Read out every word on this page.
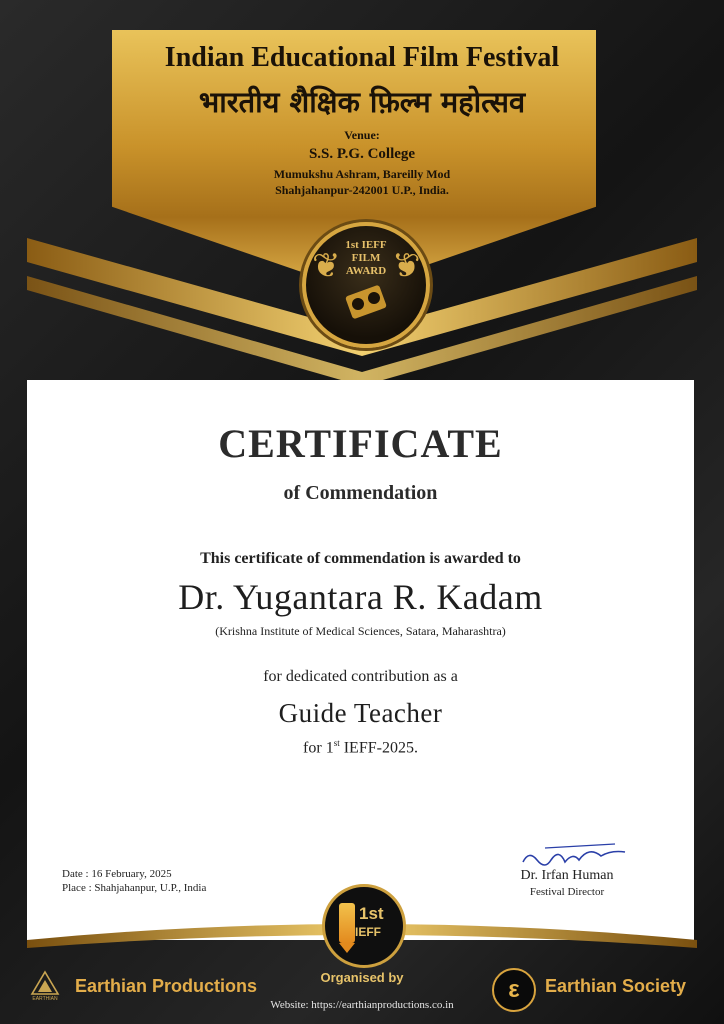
Indian Educational Film Festival
भारतीय शैक्षिक फ़िल्म महोत्सव
Venue:
S.S. P.G. College
Mumukshu Ashram, Bareilly Mod
Shahjahanpur-242001 U.P., India.
❦ ❦
1st IEFF
FILM
AWARD
CERTIFICATE
of Commendation
This certificate of commendation is awarded to
Dr. Yugantara R. Kadam
(Krishna Institute of Medical Sciences, Satara, Maharashtra)
for dedicated contribution as a
Guide Teacher
for 1st IEFF-2025.
Date : 16 February, 2025
Place : Shahjahanpur, U.P., India
Dr. Irfan Human
Festival Director
1st
IEFF
Organised by
EARTHIAN
Earthian Productions	ε	Earthian Society
Website: https://earthianproductions.co.in
